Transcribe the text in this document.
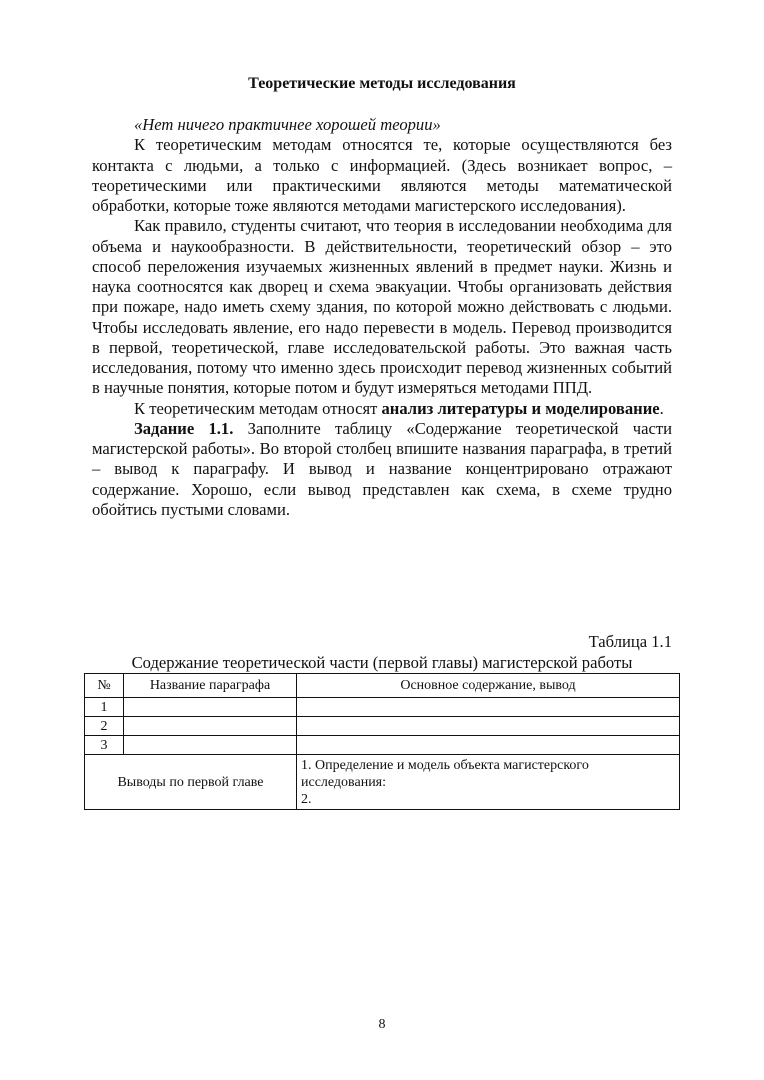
Теоретические методы исследования

«Нет ничего практичнее хорошей теории»

К теоретическим методам относятся те, которые осуществляются без контакта с людьми, а только с информацией. (Здесь возникает вопрос, – теоретическими или практическими являются методы математической обработки, которые тоже являются методами магистерского исследования).

Как правило, студенты считают, что теория в исследовании необходима для объема и наукообразности. В действительности, теоретический обзор – это способ переложения изучаемых жизненных явлений в предмет науки. Жизнь и наука соотносятся как дворец и схема эвакуации. Чтобы организовать действия при пожаре, надо иметь схему здания, по которой можно действовать с людьми. Чтобы исследовать явление, его надо перевести в модель. Перевод производится в первой, теоретической, главе исследовательской работы. Это важная часть исследования, потому что именно здесь происходит перевод жизненных событий в научные понятия, которые потом и будут измеряться методами ППД.

К теоретическим методам относят анализ литературы и моделирование.

Задание 1.1. Заполните таблицу «Содержание теоретической части магистерской работы». Во второй столбец впишите названия параграфа, в третий – вывод к параграфу. И вывод и название концентрировано отражают содержание. Хорошо, если вывод представлен как схема, в схеме трудно обойтись пустыми словами.

Таблица 1.1
Содержание теоретической части (первой главы) магистерской работы
№	Название параграфа	Основное содержание, вывод
1		
2		
3		
Выводы по первой главе		1. Определение и модель объекта магистерского исследования:
2.
8
